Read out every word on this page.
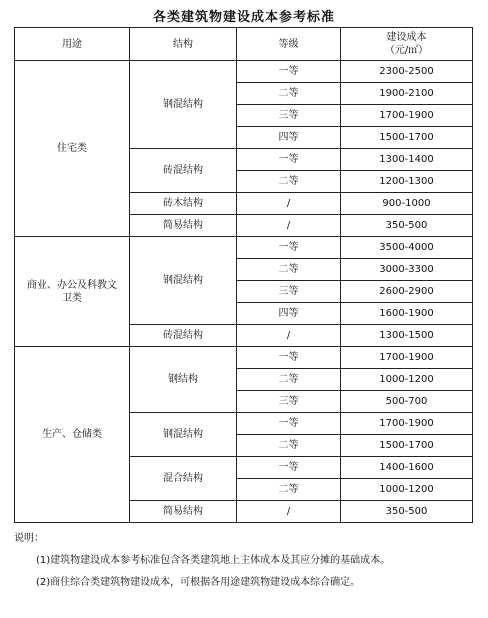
各类建筑物建设成本参考标准
用途	结构	等级	建设成本
（元/㎡）

住宅类	钢混结构	一等	2300-2500
		二等	1900-2100
		三等	1700-1900
		四等	1500-1700
	砖混结构	一等	1300-1400
		二等	1200-1300
	砖木结构	/	900-1000
	简易结构	/	350-500
商业、办公及科教文卫类	钢混结构	一等	3500-4000
		二等	3000-3300
		三等	2600-2900
		四等	1600-1900
	砖混结构	/	1300-1500
生产、仓储类	钢结构	一等	1700-1900
		二等	1000-1200
		三等	500-700
	钢混结构	一等	1700-1900
		二等	1500-1700
	混合结构	一等	1400-1600
		二等	1000-1200
	简易结构	/	350-500

说明：

(1)建筑物建设成本参考标准包含各类建筑地上主体成本及其应分摊的基础成本。

(2)商住综合类建筑物建设成本，可根据各用途建筑物建设成本综合确定。
